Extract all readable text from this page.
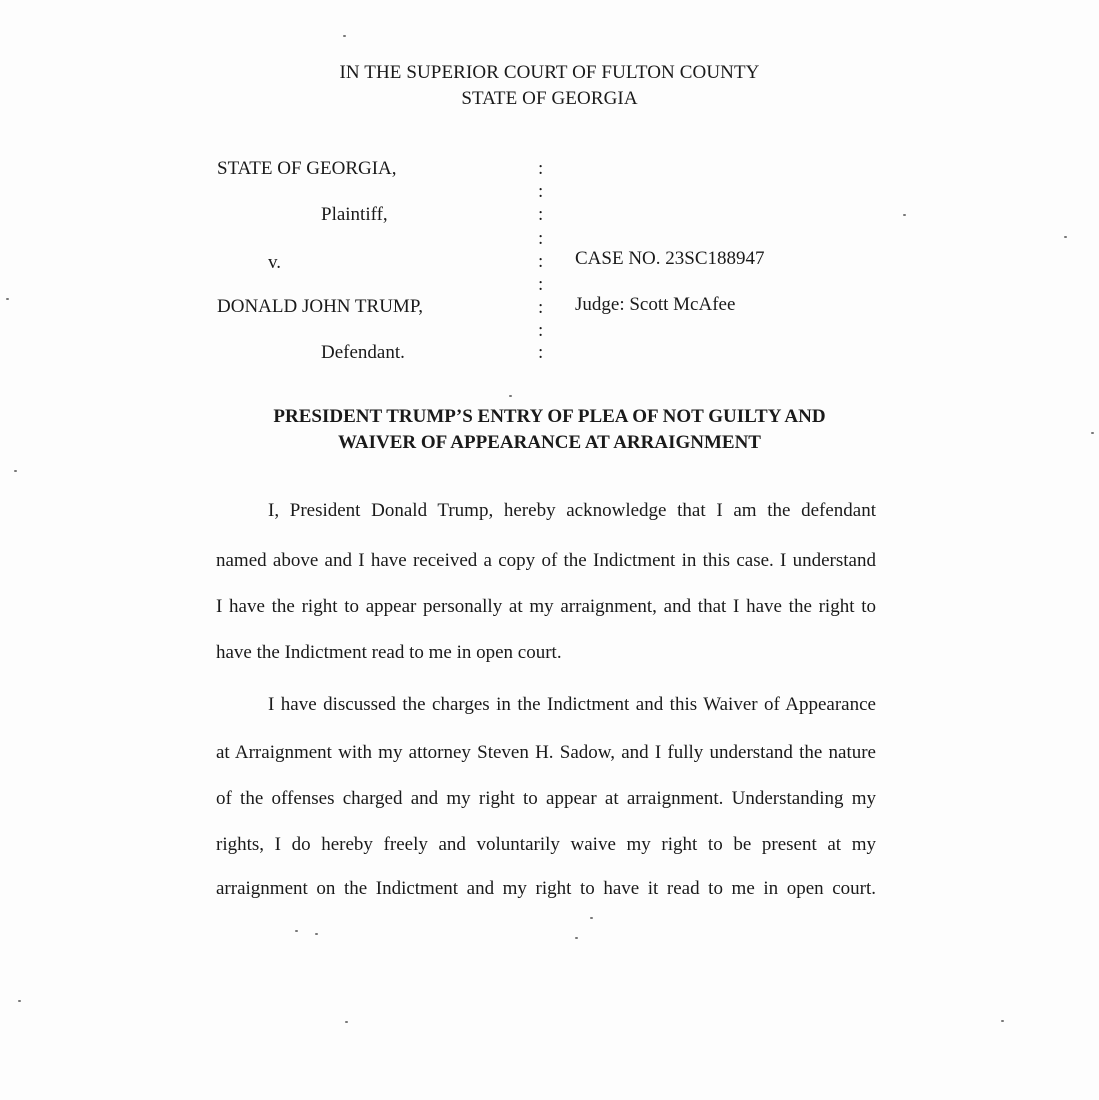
IN THE SUPERIOR COURT OF FULTON COUNTY
STATE OF GEORGIA
STATE OF GEORGIA,
Plaintiff,
v.
DONALD JOHN TRUMP,
Defendant.
:
:
:
:
:
:
:
:
:
CASE NO. 23SC188947
Judge: Scott McAfee
PRESIDENT TRUMP’S ENTRY OF PLEA OF NOT GUILTY AND
WAIVER OF APPEARANCE AT ARRAIGNMENT
I, President Donald Trump, hereby acknowledge that I am the defendant
named above and I have received a copy of the Indictment in this case. I understand
I have the right to appear personally at my arraignment, and that I have the right to
have the Indictment read to me in open court.
I have discussed the charges in the Indictment and this Waiver of Appearance
at Arraignment with my attorney Steven H. Sadow, and I fully understand the nature
of the offenses charged and my right to appear at arraignment. Understanding my
rights, I do hereby freely and voluntarily waive my right to be present at my
arraignment on the Indictment and my right to have it read to me in open court.
